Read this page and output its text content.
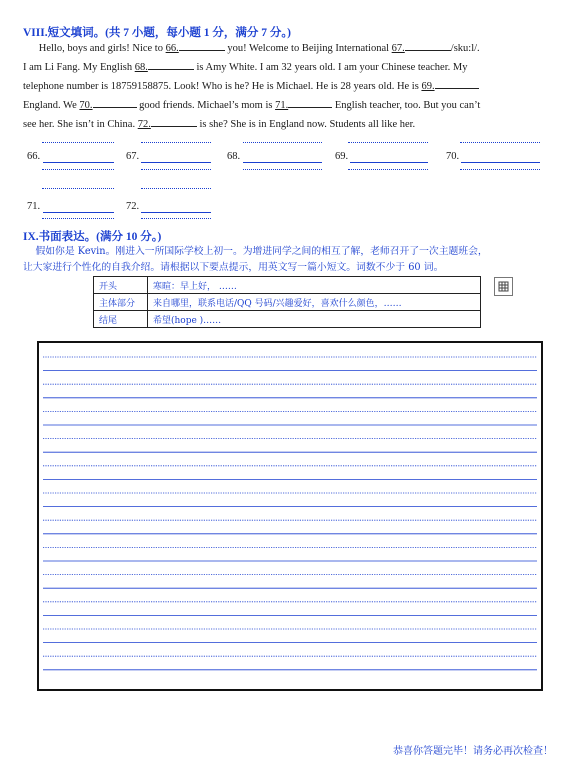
VIII.短文填词。(共 7 小题，每小题 1 分，满分 7 分。)

Hello, boys and girls! Nice to 66.	you! Welcome to Beijing International 67.	/sku:l/.

I am Li Fang. My English 68.	is Amy White. I am 32 years old. I am your Chinese teacher. My

telephone number is 18759158875. Look! Who is he? He is Michael. He is 28 years old. He is 69.

England. We 70.	good friends. Michael’s mom is 71.	English teacher, too. But you can’t

see her. She isn’t in China. 72.	is she? She is in England now. Students all like her.

66.	67.	68.	69.	70.
71.	72.
IX.书面表达。(满分 10 分。)

假如你是 Kevin。刚进入一所国际学校上初一。为增进同学之间的相互了解，老师召开了一次主题班会，

让大家进行个性化的自我介绍。请根据以下要点提示，用英文写一篇小短文。词数不少于 60 词。

开头	寒暄：早上好， ……
主体部分	来自哪里，联系电话/QQ 号码/兴趣爱好，喜欢什么颜色，……
结尾	希望(hope )……
恭喜你答题完毕！请务必再次检查！
